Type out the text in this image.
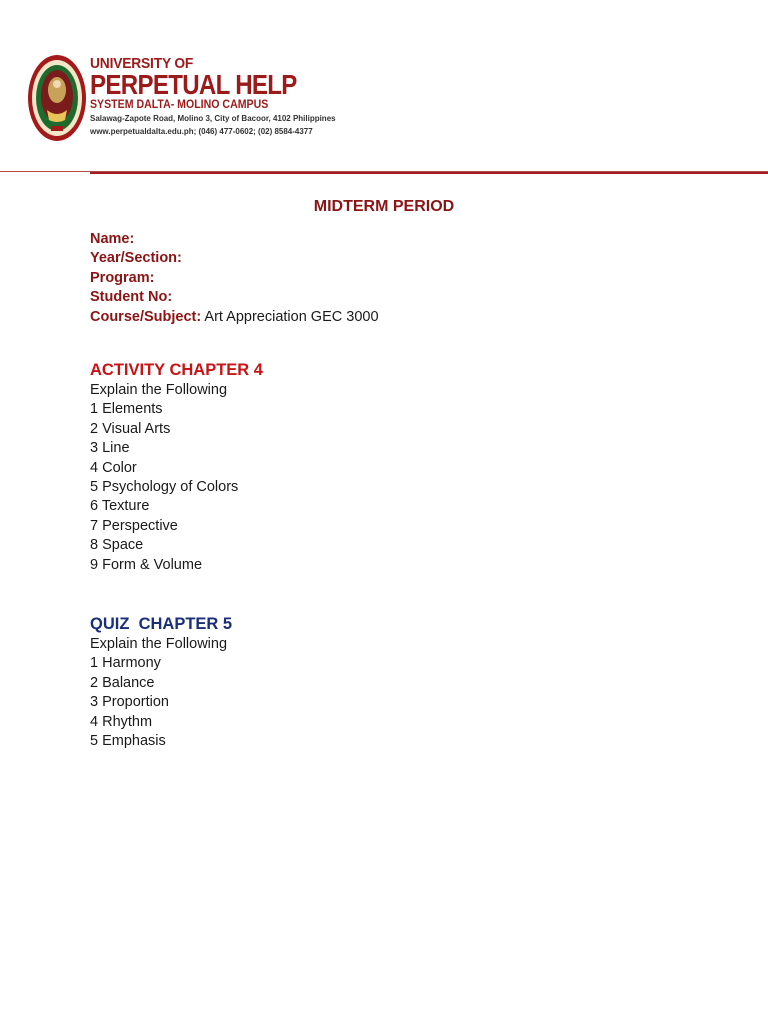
UNIVERSITY OF
PERPETUAL HELP
SYSTEM DALTA- MOLINO CAMPUS
Salawag-Zapote Road, Molino 3, City of Bacoor, 4102 Philippines
www.perpetualdalta.edu.ph; (046) 477-0602; (02) 8584-4377
MIDTERM PERIOD
Name:
Year/Section:
Program:
Student No:
Course/Subject: Art Appreciation GEC 3000
ACTIVITY CHAPTER 4
Explain the Following
1 Elements
2 Visual Arts
3 Line
4 Color
5 Psychology of Colors
6 Texture
7 Perspective
8 Space
9 Form & Volume
QUIZ  CHAPTER 5
Explain the Following
1 Harmony
2 Balance
3 Proportion
4 Rhythm
5 Emphasis
